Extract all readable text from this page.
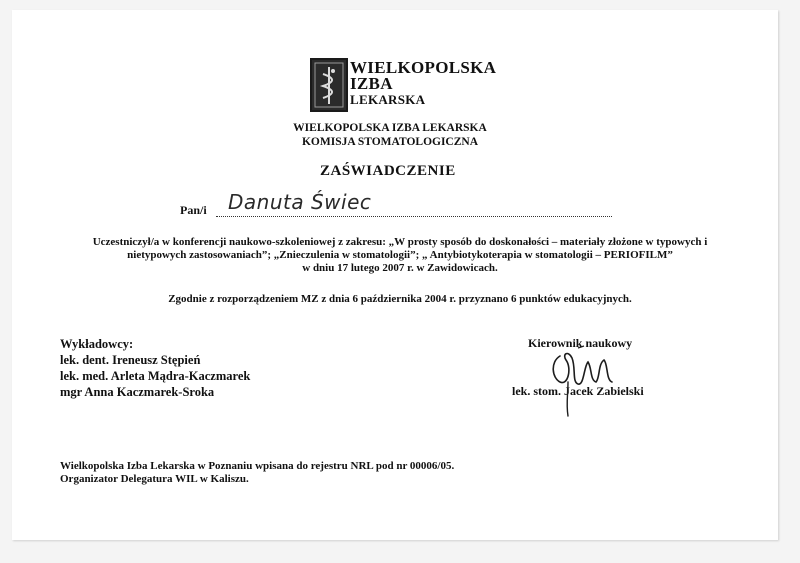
WIELKOPOLSKA
IZBA
LEKARSKA
WIELKOPOLSKA IZBA LEKARSKA
KOMISJA STOMATOLOGICZNA
ZAŚWIADCZENIE
Pan/i Danuta Świec
Uczestniczył/a w konferencji naukowo-szkoleniowej z zakresu: „W prosty sposób do doskonałości – materiały złożone w typowych i
nietypowych zastosowaniach”; „Znieczulenia w stomatologii”; „ Antybiotykoterapia w stomatologii – PERIOFILM”
w dniu 17 lutego 2007 r. w Zawidowicach.
Zgodnie z rozporządzeniem MZ z dnia 6 października 2004 r. przyznano 6 punktów edukacyjnych.
Wykładowcy:
lek. dent. Ireneusz Stępień
lek. med. Arleta Mądra-Kaczmarek
mgr Anna Kaczmarek-Sroka
Kierownik naukowy
lek. stom. Jacek Zabielski
Wielkopolska Izba Lekarska w Poznaniu wpisana do rejestru NRL pod nr 00006/05.
Organizator Delegatura WIL w Kaliszu.
